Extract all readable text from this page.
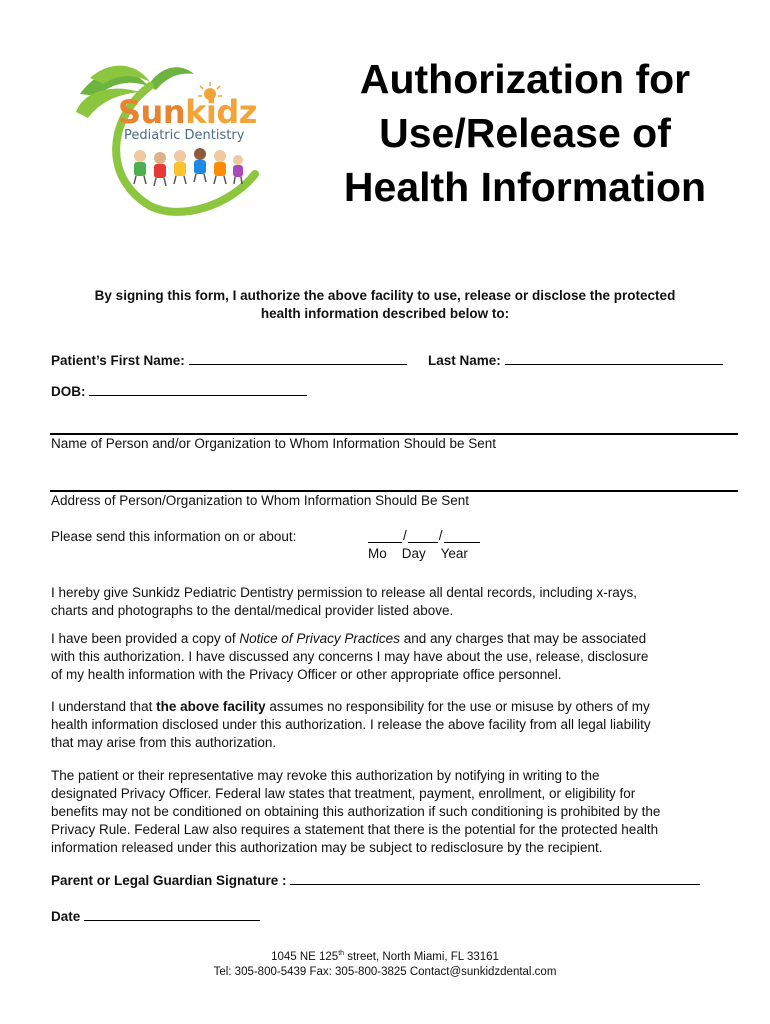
Sunkidz
Pediatric Dentistry
Authorization for
Use/Release of
Health Information
By signing this form, I authorize the above facility to use, release or disclose the protected
health information described below to:
Patient’s First Name:	Last Name:
DOB:
Name of Person and/or Organization to Whom Information Should be Sent
Address of Person/Organization to Whom Information Should Be Sent
Please send this information on or about:	/ /
Mo Day Year
I hereby give Sunkidz Pediatric Dentistry permission to release all dental records, including x-rays,
charts and photographs to the dental/medical provider listed above.
I have been provided a copy of Notice of Privacy Practices and any charges that may be associated
with this authorization. I have discussed any concerns I may have about the use, release, disclosure
of my health information with the Privacy Officer or other appropriate office personnel.
I understand that the above facility assumes no responsibility for the use or misuse by others of my
health information disclosed under this authorization. I release the above facility from all legal liability
that may arise from this authorization.
The patient or their representative may revoke this authorization by notifying in writing to the
designated Privacy Officer. Federal law states that treatment, payment, enrollment, or eligibility for
benefits may not be conditioned on obtaining this authorization if such conditioning is prohibited by the
Privacy Rule. Federal Law also requires a statement that there is the potential for the protected health
information released under this authorization may be subject to redisclosure by the recipient.
Parent or Legal Guardian Signature :
Date
1045 NE 125th street, North Miami, FL 33161
Tel: 305-800-5439 Fax: 305-800-3825 Contact@sunkidzdental.com
